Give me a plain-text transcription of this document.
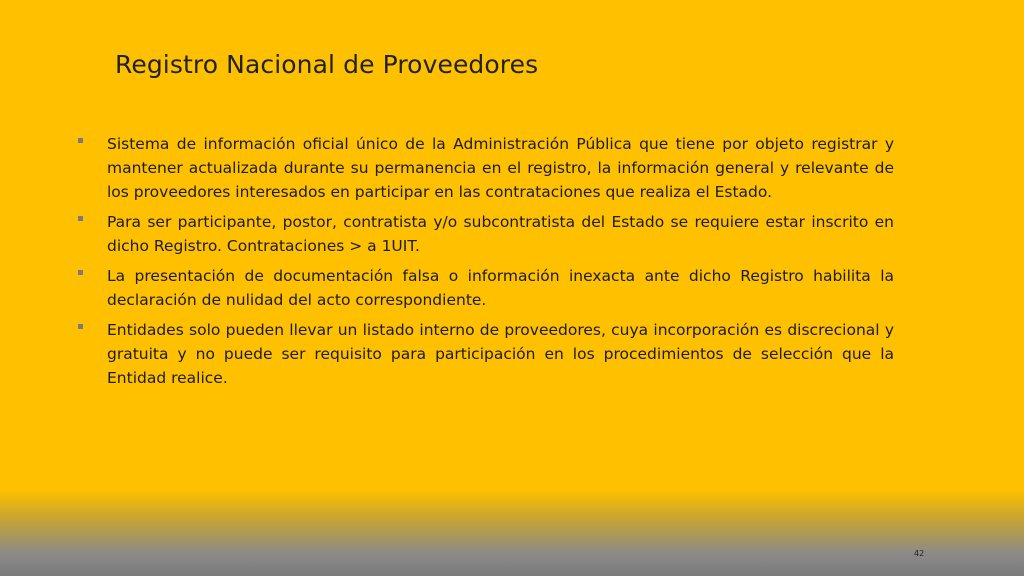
Registro Nacional de Proveedores
Sistema de información oficial único de la Administración Pública que tiene por objeto registrar y mantener actualizada durante su permanencia en el registro, la información general y relevante de los proveedores interesados en participar en las contrataciones que realiza el Estado.
Para ser participante, postor, contratista y/o subcontratista del Estado se requiere estar inscrito en dicho Registro. Contrataciones > a 1UIT.
La presentación de documentación falsa o información inexacta ante dicho Registro habilita la declaración de nulidad del acto correspondiente.
Entidades solo pueden llevar un listado interno de proveedores, cuya incorporación es discrecional y gratuita y no puede ser requisito para participación en los procedimientos de selección que la Entidad realice.
42
